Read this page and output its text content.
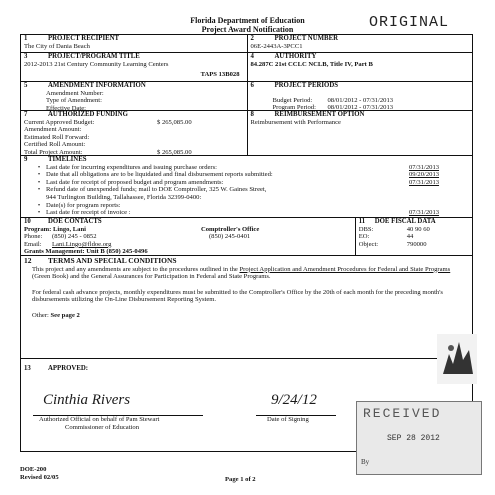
Florida Department of Education
Project Award Notification	ORIGINAL
1	PROJECT RECIPIENT
The City of Dania Beach
2	PROJECT NUMBER
06E-2443A-3PCC1
3	PROJECT/PROGRAM TITLE
2012-2013 21st Century Community Learning Centers
TAPS 13B028
4	AUTHORITY
84.287C 21st CCLC NCLB, Title IV, Part B
5	AMENDMENT INFORMATION
Amendment Number:
Type of Amendment:
Effective Date:
6	PROJECT PERIODS
Budget Period:	08/01/2012 - 07/31/2013
Program Period:	08/01/2012 - 07/31/2013
7	AUTHORIZED FUNDING
Current Approved Budget:	$ 265,085.00
Amendment Amount:
Estimated Roll Forward:
Certified Roll Amount:
Total Project Amount:	$ 265,085.00
8	REIMBURSEMENT OPTION
Reimbursement with Performance
9	TIMELINES
• Last date for incurring expenditures and issuing purchase orders:	07/31/2013
• Date that all obligations are to be liquidated and final disbursement reports submitted:	09/20/2013
• Last date for receipt of proposed budget and program amendments:	07/31/2013
• Refund date of unexpended funds; mail to DOE Comptroller, 325 W. Gaines Street,
944 Turlington Building, Tallahassee, Florida 32399-0400:
• Date(s) for program reports:
• Last date for receipt of invoice :	07/31/2013
10	DOE CONTACTS
Program: Lingo, Lani
Phone:	(850) 245 - 0852
Email:	Lani.Lingo@fldoe.org
Grants Management: Unit B (850) 245-0496
Comptroller's Office
(850) 245-0401
11	DOE FISCAL DATA
DBS:	40 90 60
EO:	44
Object:	790000
12	TERMS AND SPECIAL CONDITIONS
This project and any amendments are subject to the procedures outlined in the Project Application and Amendment Procedures for Federal and State Programs (Green Book) and the General Assurances for Participation in Federal and State Programs.
For federal cash advance projects, monthly expenditures must be submitted to the Comptroller's Office by the 20th of each month for the preceding month's disbursements utilizing the On-Line Disbursement Reporting System.
Other: See page 2
13	APPROVED:
Cinthia Rivers
Authorized Official on behalf of Pam Stewart
Commissioner of Education
9/24/12
Date of Signing	RECEIVED
SEP 28 2012
By
DOE-200
Revised 02/05	Page 1 of 2
